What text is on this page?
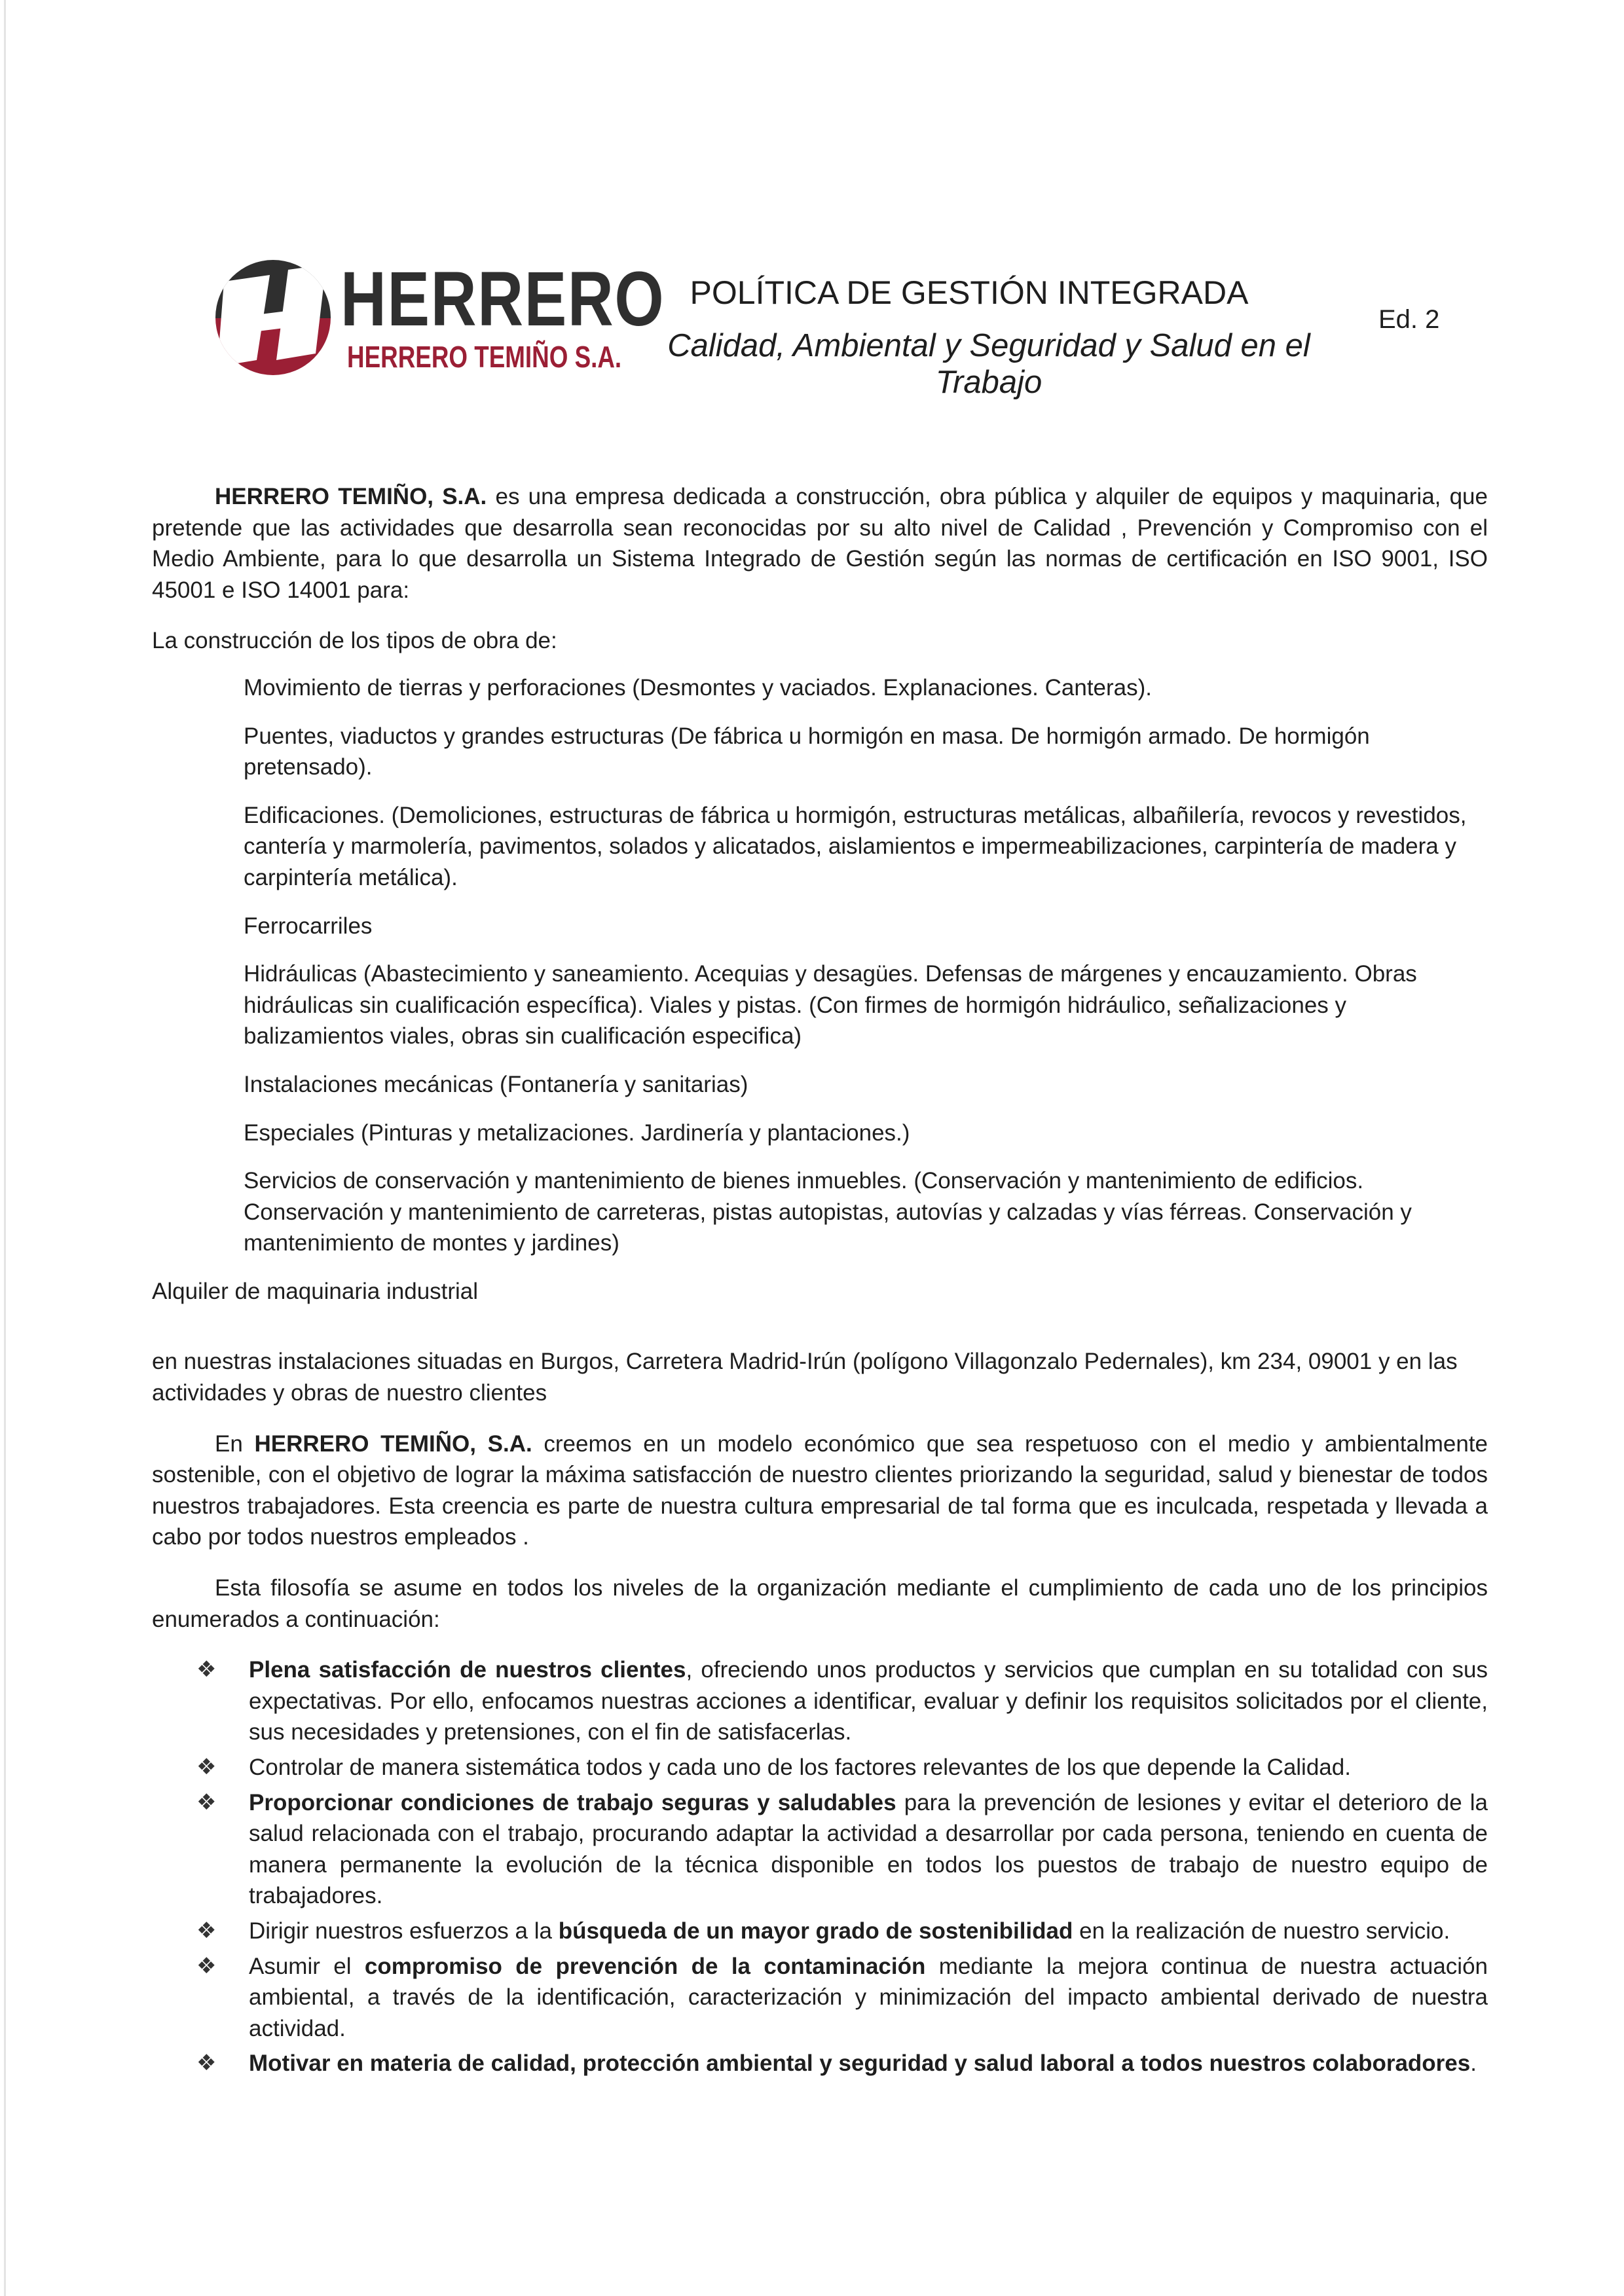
HERRERO

HERRERO TEMIÑO S.A.

POLÍTICA DE GESTIÓN INTEGRADA

Calidad, Ambiental y Seguridad y Salud en el Trabajo

Ed. 2

HERRERO TEMIÑO, S.A. es una empresa dedicada a construcción, obra pública y alquiler de equipos y maquinaria, que pretende que las actividades que desarrolla sean reconocidas por su alto nivel de Calidad , Prevención y Compromiso con el Medio Ambiente, para lo que desarrolla un Sistema Integrado de Gestión según las normas de certificación en ISO 9001, ISO 45001 e ISO 14001 para:

La construcción de los tipos de obra de:

Movimiento de tierras y perforaciones (Desmontes y vaciados. Explanaciones. Canteras).
Puentes, viaductos y grandes estructuras (De fábrica u hormigón en masa. De hormigón armado. De hormigón pretensado).
Edificaciones. (Demoliciones, estructuras de fábrica u hormigón, estructuras metálicas, albañilería, revocos y revestidos, cantería y marmolería, pavimentos, solados y alicatados, aislamientos e impermeabilizaciones, carpintería de madera y carpintería metálica).
Ferrocarriles
Hidráulicas (Abastecimiento y saneamiento. Acequias y desagües. Defensas de márgenes y encauzamiento. Obras hidráulicas sin cualificación específica). Viales y pistas. (Con firmes de hormigón hidráulico, señalizaciones y balizamientos viales, obras sin cualificación especifica)
Instalaciones mecánicas (Fontanería y sanitarias)
Especiales (Pinturas y metalizaciones. Jardinería y plantaciones.)
Servicios de conservación y mantenimiento de bienes inmuebles. (Conservación y mantenimiento de edificios. Conservación y mantenimiento de carreteras, pistas autopistas, autovías y calzadas y vías férreas. Conservación y mantenimiento de montes y jardines)

Alquiler de maquinaria industrial

en nuestras instalaciones situadas en Burgos, Carretera Madrid-Irún (polígono Villagonzalo Pedernales), km 234, 09001 y en las actividades y obras de nuestro clientes

En HERRERO TEMIÑO, S.A. creemos en un modelo económico que sea respetuoso con el medio y ambientalmente sostenible, con el objetivo de lograr la máxima satisfacción de nuestro clientes priorizando la seguridad, salud y bienestar de todos nuestros trabajadores. Esta creencia es parte de nuestra cultura empresarial de tal forma que es inculcada, respetada y llevada a cabo por todos nuestros empleados .

Esta filosofía se asume en todos los niveles de la organización mediante el cumplimiento de cada uno de los principios enumerados a continuación:

❖ Plena satisfacción de nuestros clientes, ofreciendo unos productos y servicios que cumplan en su totalidad con sus expectativas. Por ello, enfocamos nuestras acciones a identificar, evaluar y definir los requisitos solicitados por el cliente, sus necesidades y pretensiones, con el fin de satisfacerlas.
❖ Controlar de manera sistemática todos y cada uno de los factores relevantes de los que depende la Calidad.
❖ Proporcionar condiciones de trabajo seguras y saludables para la prevención de lesiones y evitar el deterioro de la salud relacionada con el trabajo, procurando adaptar la actividad a desarrollar por cada persona, teniendo en cuenta de manera permanente la evolución de la técnica disponible en todos los puestos de trabajo de nuestro equipo de trabajadores.
❖ Dirigir nuestros esfuerzos a la búsqueda de un mayor grado de sostenibilidad en la realización de nuestro servicio.
❖ Asumir el compromiso de prevención de la contaminación mediante la mejora continua de nuestra actuación ambiental, a través de la identificación, caracterización y minimización del impacto ambiental derivado de nuestra actividad.
❖ Motivar en materia de calidad, protección ambiental y seguridad y salud laboral a todos nuestros colaboradores.
